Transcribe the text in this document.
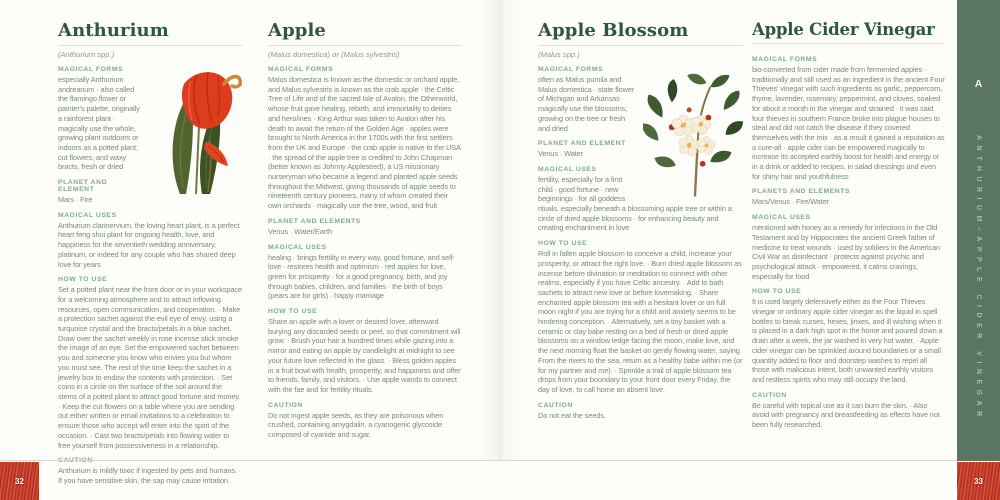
Anthurium
(Anthurium spp.)
MAGICAL FORMS
especially Anthurium andreanum · also called the flamingo flower or painter's palette, originally a rainforest plant · magically use the whole, growing plant outdoors or indoors as a potted plant; cut flowers; and waxy bracts, fresh or dried
PLANET AND ELEMENT
Mars · Fire
MAGICAL USES
Anthurium clarinervium, the loving heart plant, is a perfect heart feng shui plant for ongoing health, love, and happiness for the seventieth wedding anniversary, platinum, or indeed for any couple who has shared deep love for years
HOW TO USE
Set a potted plant near the front door or in your workspace for a welcoming atmosphere and to attract inflowing resources, open communication, and cooperation. · Make a protection sachet against the evil eye of envy, using a turquoise crystal and the bracts/petals in a blue sachet. Draw over the sachet weekly in rose incense stick smoke the image of an eye. Set the empowered sachet between you and someone you know who envies you but whom you must see. The rest of the time keep the sachet in a jewelry box to endow the contents with protection. · Set coins in a circle on the surface of the soil around the stems of a potted plant to attract good fortune and money. · Keep the cut flowers on a table where you are sending out either written or email invitations to a celebration to ensure those who accept will enter into the spirit of the occasion. · Cast two bracts/petals into flowing water to free yourself from possessiveness in a relationship.
Anthurium is mildly toxic if ingested by pets and humans. · If you have sensitive skin, the sap may cause irritation.
Apple
(Malus domestica) or (Malus sylvestris)
MAGICAL FORMS
Malus domestica is known as the domestic or orchard apple, and Malus sylvestris is known as the crab apple · the Celtic Tree of Life and of the sacred Isle of Avalon, the Otherworld, whose fruit gave healing, rebirth, and immortality to deities and hero/ines · King Arthur was taken to Avalon after his death to await the return of the Golden Age · apples were brought to North America in the 1700s with the first settlers from the UK and Europe · the crab apple is native to the USA · the spread of the apple tree is credited to John Chapman (better known as Johnny Appleseed), a US missionary nurseryman who became a legend and planted apple seeds throughout the Midwest, giving thousands of apple seeds to nineteenth century pioneers, many of whom created their own orchards · magically use the tree, wood, and fruit
PLANET AND ELEMENTS
Venus · Water/Earth
MAGICAL USES
healing · brings fertility in every way, good fortune, and self-love · restores health and optimism · red apples for love, green for prosperity · for a good pregnancy, birth, and joy through babies, children, and families · the birth of boys (pears are for girls) · happy marriage
HOW TO USE
Share an apple with a lover or desired lover, afterward burying any discarded seeds or peel, so that commitment will grow. · Brush your hair a hundred times while gazing into a mirror and eating an apple by candlelight at midnight to see your future love reflected in the glass. · Bless golden apples in a fruit bowl with health, prosperity, and happiness and offer to friends, family, and visitors. · Use apple wands to connect with the fae and for fertility rituals.
CAUTION
Do not ingest apple seeds, as they are poisonous when crushed, containing amygdalin, a cyanogenic glycoside composed of cyanide and sugar.
Apple Blossom
(Malus spp.)
MAGICAL FORMS
often as Malus pumila and Malus domestica · state flower of Michigan and Arkansas · magically use the blossoms, growing on the tree or fresh and dried
PLANET AND ELEMENT
Venus · Water
MAGICAL USES
fertility, especially for a first child · good fortune · new beginnings · for all goddess rituals, especially beneath a blossoming apple tree or within a circle of dried apple blossoms · for enhancing beauty and creating enchantment in love
HOW TO USE
Roll in fallen apple blossom to conceive a child, increase your prosperity, or attract the right love. · Burn dried apple blossom as incense before divination or meditation to connect with other realms, especially if you have Celtic ancestry. · Add to bath sachets to attract new love or before lovemaking. · Share enchanted apple blossom tea with a hesitant lover or on full moon night if you are trying for a child and anxiety seems to be hindering conception. · Alternatively, set a tiny basket with a ceramic or clay babe resting on a bed of fresh or dried apple blossoms on a window ledge facing the moon, make love, and the next morning float the basket on gently flowing water, saying From the rivers to the sea, return as a healthy babe within me (or for my partner and me). · Sprinkle a trail of apple blossom tea drops from your boundary to your front door every Friday, the day of love, to call home an absent love.
CAUTION
Do not eat the seeds.
Apple Cider Vinegar
MAGICAL FORMS
bio-converted from cider made from fermented apples · traditionally and still used as an ingredient in the ancient Four Thieves' vinegar with such ingredients as garlic, peppercorn, thyme, lavender, rosemary, peppermint, and cloves, soaked for about a month in the vinegar and strained · it was said four thieves in southern France broke into plague houses to steal and did not catch the disease if they covered themselves with the mix · as a result it gained a reputation as a cure-all · apple cider can be empowered magically to increase its accepted earthly boost for health and energy or in a drink or added to recipes, in salad dressings and even for shiny hair and youthfulness
PLANETS AND ELEMENTS
Mars/Venus · Fire/Water
MAGICAL USES
mentioned with honey as a remedy for infections in the Old Testament and by Hippocrates the ancient Greek father of medicine to treat wounds · used by soldiers in the American Civil War as disinfectant · protects against psychic and psychological attack · empowered, it calms cravings, especially for food
HOW TO USE
It is used largely defensively either as the Four Thieves vinegar or ordinary apple cider vinegar as the liquid in spell bottles to break curses, hexes, jinxes, and ill wishing when it is placed in a dark high spot in the home and poured down a drain after a week, the jar washed in very hot water. · Apple cider vinegar can be sprinkled around boundaries or a small quantity added to floor and doorstep washes to repel all those with malicious intent, both unwanted earthly visitors and restless spirits who may still occupy the land.
CAUTION
Be careful with topical use as it can burn the skin. · Also avoid with pregnancy and breastfeeding as effects have not been fully researched.
A
ANTHURIUM–APPLE CIDER VINEGAR
32	33
